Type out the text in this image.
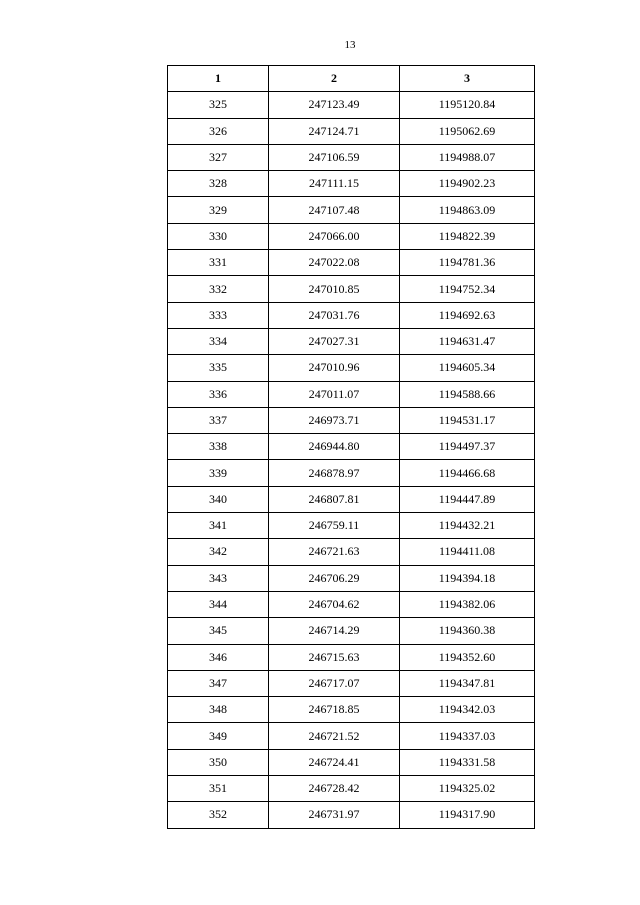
13
1	2	3
325	247123.49	1195120.84
326	247124.71	1195062.69
327	247106.59	1194988.07
328	247111.15	1194902.23
329	247107.48	1194863.09
330	247066.00	1194822.39
331	247022.08	1194781.36
332	247010.85	1194752.34
333	247031.76	1194692.63
334	247027.31	1194631.47
335	247010.96	1194605.34
336	247011.07	1194588.66
337	246973.71	1194531.17
338	246944.80	1194497.37
339	246878.97	1194466.68
340	246807.81	1194447.89
341	246759.11	1194432.21
342	246721.63	1194411.08
343	246706.29	1194394.18
344	246704.62	1194382.06
345	246714.29	1194360.38
346	246715.63	1194352.60
347	246717.07	1194347.81
348	246718.85	1194342.03
349	246721.52	1194337.03
350	246724.41	1194331.58
351	246728.42	1194325.02
352	246731.97	1194317.90
